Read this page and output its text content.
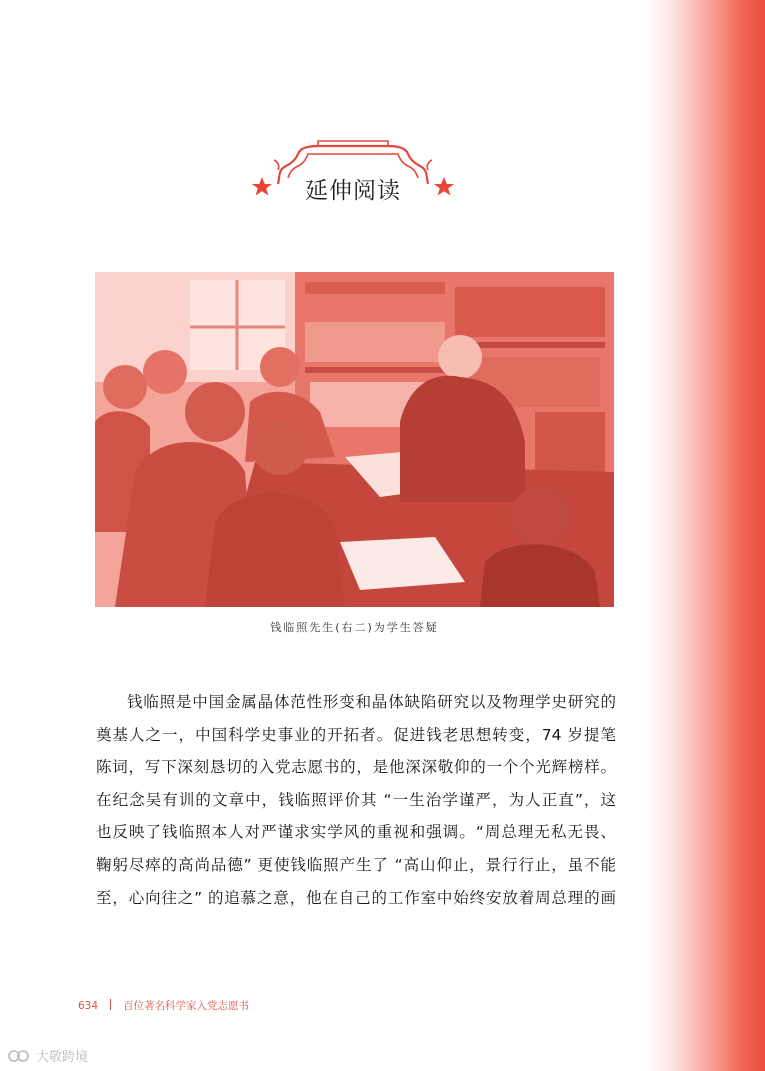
延伸阅读
钱临照先生(右二)为学生答疑
钱临照是中国金属晶体范性形变和晶体缺陷研究以及物理学史研究的
奠基人之一，中国科学史事业的开拓者。促进钱老思想转变，74 岁提笔
陈词，写下深刻恳切的入党志愿书的，是他深深敬仰的一个个光辉榜样。
在纪念吴有训的文章中，钱临照评价其 “一生治学谨严，为人正直”，这
也反映了钱临照本人对严谨求实学风的重视和强调。“周总理无私无畏、
鞠躬尽瘁的高尚品德” 更使钱临照产生了 “高山仰止，景行行止，虽不能
至，心向往之” 的追慕之意，他在自己的工作室中始终安放着周总理的画
634 百位著名科学家入党志愿书
大敬跨境
